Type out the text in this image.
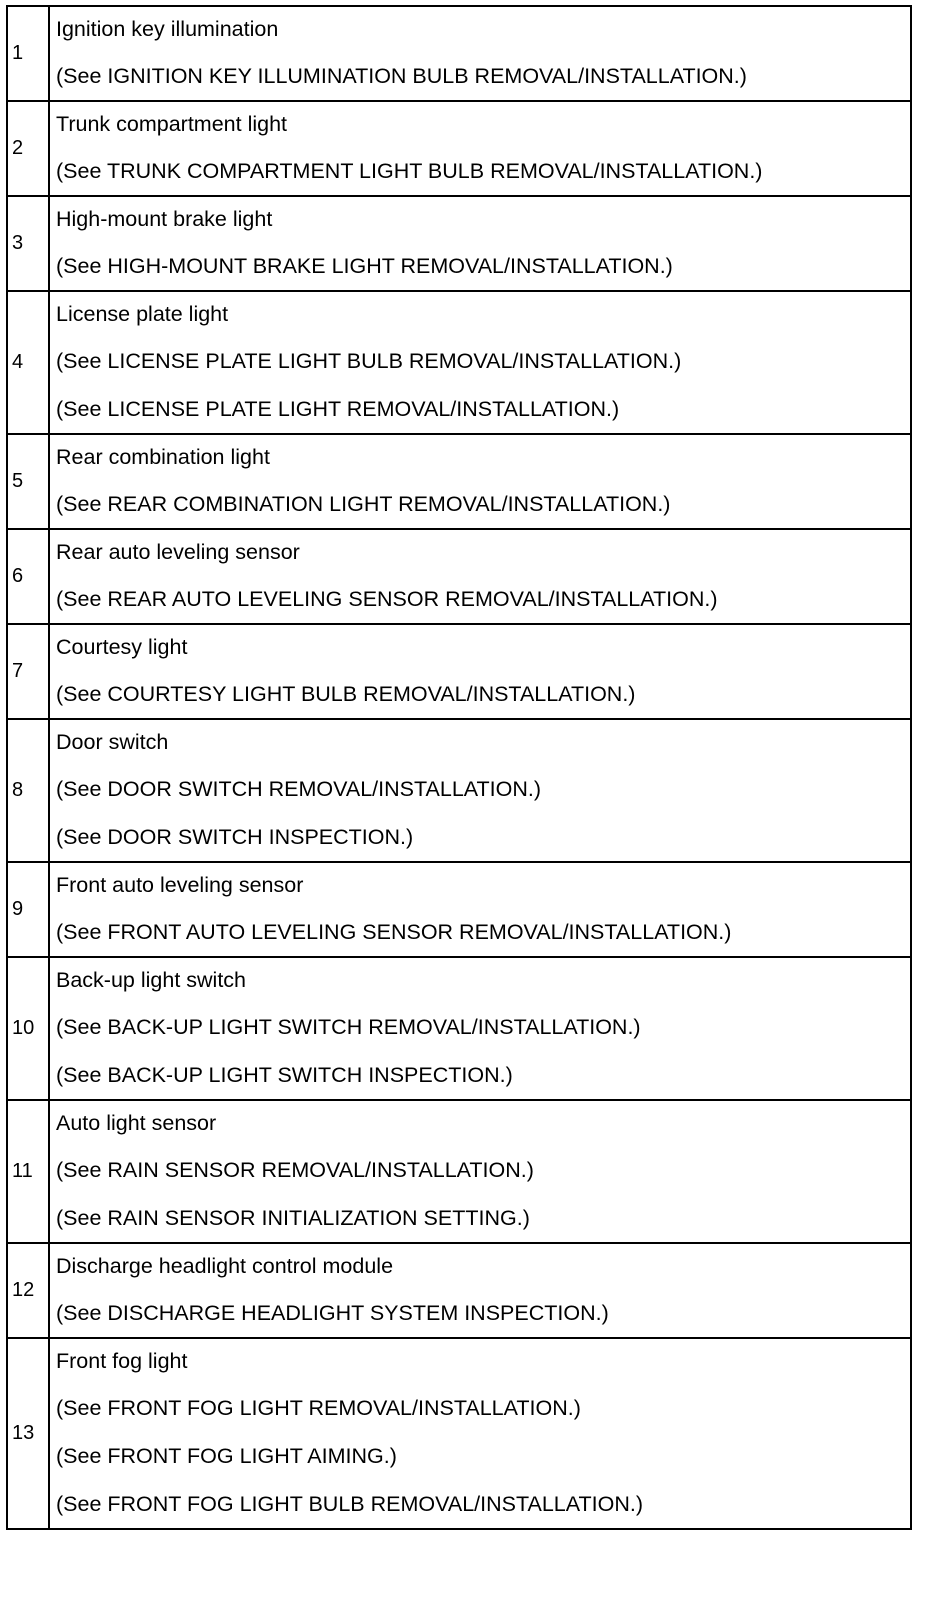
1	Ignition key illumination
(See IGNITION KEY ILLUMINATION BULB REMOVAL/INSTALLATION.)

2	Trunk compartment light
(See TRUNK COMPARTMENT LIGHT BULB REMOVAL/INSTALLATION.)

3	High-mount brake light
(See HIGH-MOUNT BRAKE LIGHT REMOVAL/INSTALLATION.)

4	License plate light
(See LICENSE PLATE LIGHT BULB REMOVAL/INSTALLATION.)
(See LICENSE PLATE LIGHT REMOVAL/INSTALLATION.)

5	Rear combination light
(See REAR COMBINATION LIGHT REMOVAL/INSTALLATION.)

6	Rear auto leveling sensor
(See REAR AUTO LEVELING SENSOR REMOVAL/INSTALLATION.)

7	Courtesy light
(See COURTESY LIGHT BULB REMOVAL/INSTALLATION.)

8	Door switch
(See DOOR SWITCH REMOVAL/INSTALLATION.)
(See DOOR SWITCH INSPECTION.)

9	Front auto leveling sensor
(See FRONT AUTO LEVELING SENSOR REMOVAL/INSTALLATION.)

10	Back-up light switch
(See BACK-UP LIGHT SWITCH REMOVAL/INSTALLATION.)
(See BACK-UP LIGHT SWITCH INSPECTION.)

11	Auto light sensor
(See RAIN SENSOR REMOVAL/INSTALLATION.)
(See RAIN SENSOR INITIALIZATION SETTING.)

12	Discharge headlight control module
(See DISCHARGE HEADLIGHT SYSTEM INSPECTION.)

13	Front fog light
(See FRONT FOG LIGHT REMOVAL/INSTALLATION.)
(See FRONT FOG LIGHT AIMING.)
(See FRONT FOG LIGHT BULB REMOVAL/INSTALLATION.)
